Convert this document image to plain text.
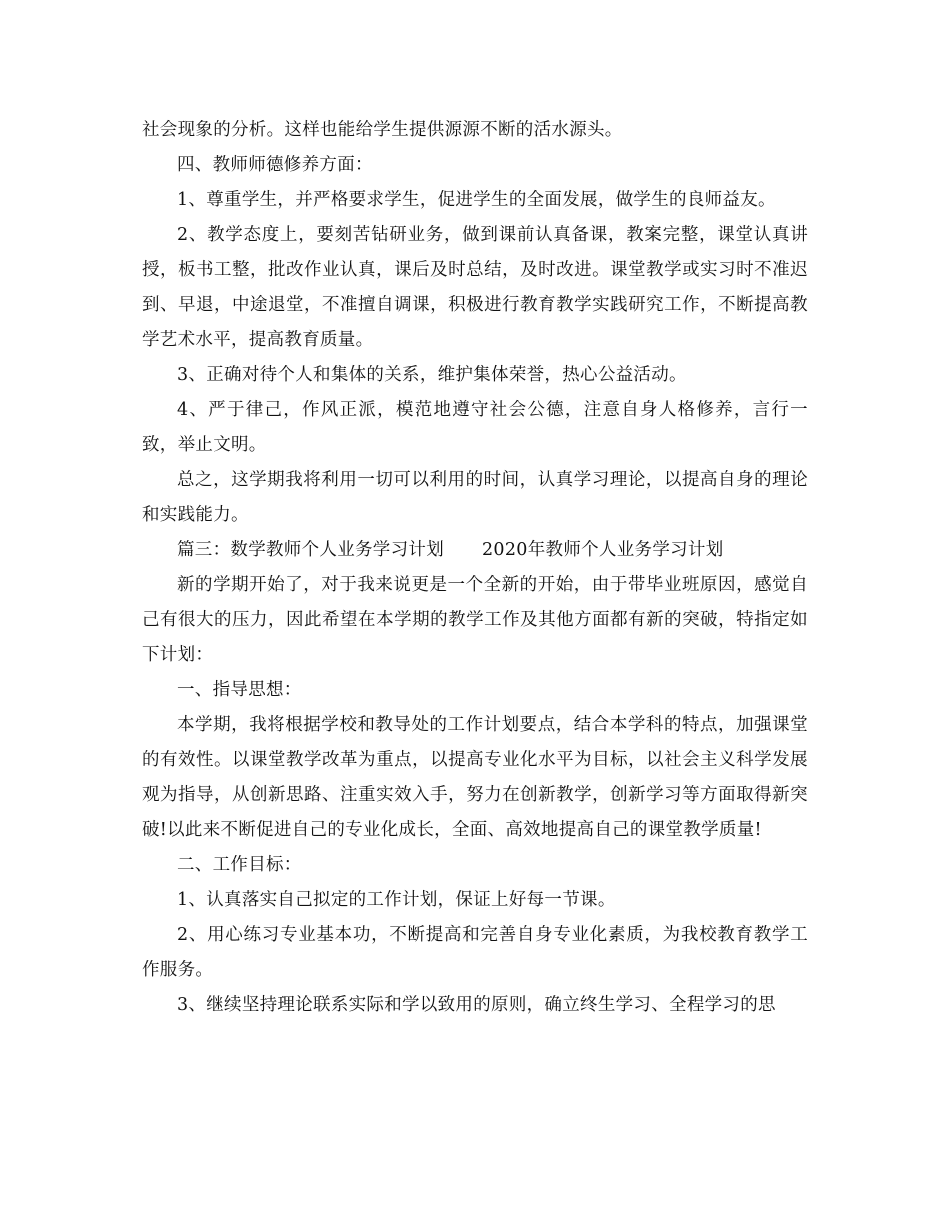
社会现象的分析。这样也能给学生提供源源不断的活水源头。

四、教师师德修养方面：

1、尊重学生，并严格要求学生，促进学生的全面发展，做学生的良师益友。

2、教学态度上，要刻苦钻研业务，做到课前认真备课，教案完整，课堂认真讲授，板书工整，批改作业认真，课后及时总结，及时改进。课堂教学或实习时不准迟到、早退，中途退堂，不准擅自调课，积极进行教育教学实践研究工作，不断提高教学艺术水平，提高教育质量。

3、正确对待个人和集体的关系，维护集体荣誉，热心公益活动。

4、严于律己，作风正派，模范地遵守社会公德，注意自身人格修养，言行一致，举止文明。

总之，这学期我将利用一切可以利用的时间，认真学习理论，以提高自身的理论和实践能力。

篇三：数学教师个人业务学习计划 2020年教师个人业务学习计划

新的学期开始了，对于我来说更是一个全新的开始，由于带毕业班原因，感觉自己有很大的压力，因此希望在本学期的教学工作及其他方面都有新的突破，特指定如下计划：

一、指导思想：

本学期，我将根据学校和教导处的工作计划要点，结合本学科的特点，加强课堂的有效性。以课堂教学改革为重点，以提高专业化水平为目标，以社会主义科学发展观为指导，从创新思路、注重实效入手，努力在创新教学，创新学习等方面取得新突破!以此来不断促进自己的专业化成长，全面、高效地提高自己的课堂教学质量!

二、工作目标：

1、认真落实自己拟定的工作计划，保证上好每一节课。

2、用心练习专业基本功，不断提高和完善自身专业化素质，为我校教育教学工作服务。

3、继续坚持理论联系实际和学以致用的原则，确立终生学习、全程学习的思
